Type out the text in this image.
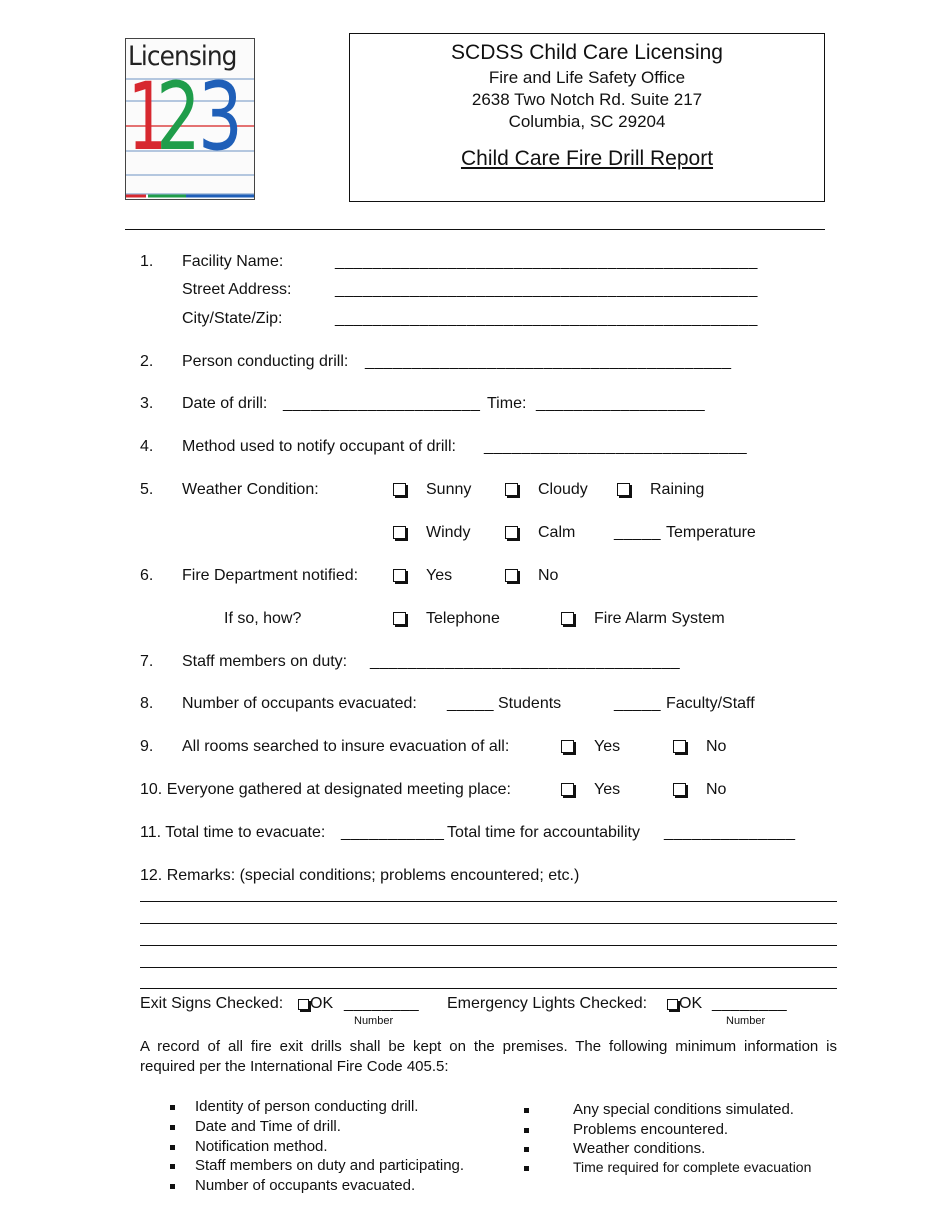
Licensing
1
2
3
SCDSS Child Care Licensing
Fire and Life Safety Office
2638 Two Notch Rd. Suite 217
Columbia, SC 29204
Child Care Fire Drill Report
1. Facility Name:	_____________________________________________
Street Address:	_____________________________________________
City/State/Zip:	_____________________________________________
2. Person conducting drill: _______________________________________
3. Date of drill: _____________________ Time: __________________
4. Method used to notify occupant of drill: ____________________________
5. Weather Condition:	Sunny	Cloudy	Raining
Windy	Calm _____ Temperature
6. Fire Department notified:	Yes	No
If so, how?	Telephone	Fire Alarm System
7. Staff members on duty: _________________________________
8. Number of occupants evacuated: _____ Students	_____ Faculty/Staff
9. All rooms searched to insure evacuation of all:	Yes	No
10. Everyone gathered at designated meeting place:	Yes	No
11. Total time to evacuate: ___________ Total time for accountability ______________
12. Remarks: (special conditions; problems encountered; etc.)
Exit Signs Checked: OK ________
Number
Emergency Lights Checked: OK ________
Number
A record of all fire exit drills shall be kept on the premises. The following minimum information is
required per the International Fire Code 405.5:
Identity of person conducting drill.
Date and Time of drill.
Notification method.
Staff members on duty and participating.
Number of occupants evacuated.
Any special conditions simulated.
Problems encountered.
Weather conditions.
Time required for complete evacuation
